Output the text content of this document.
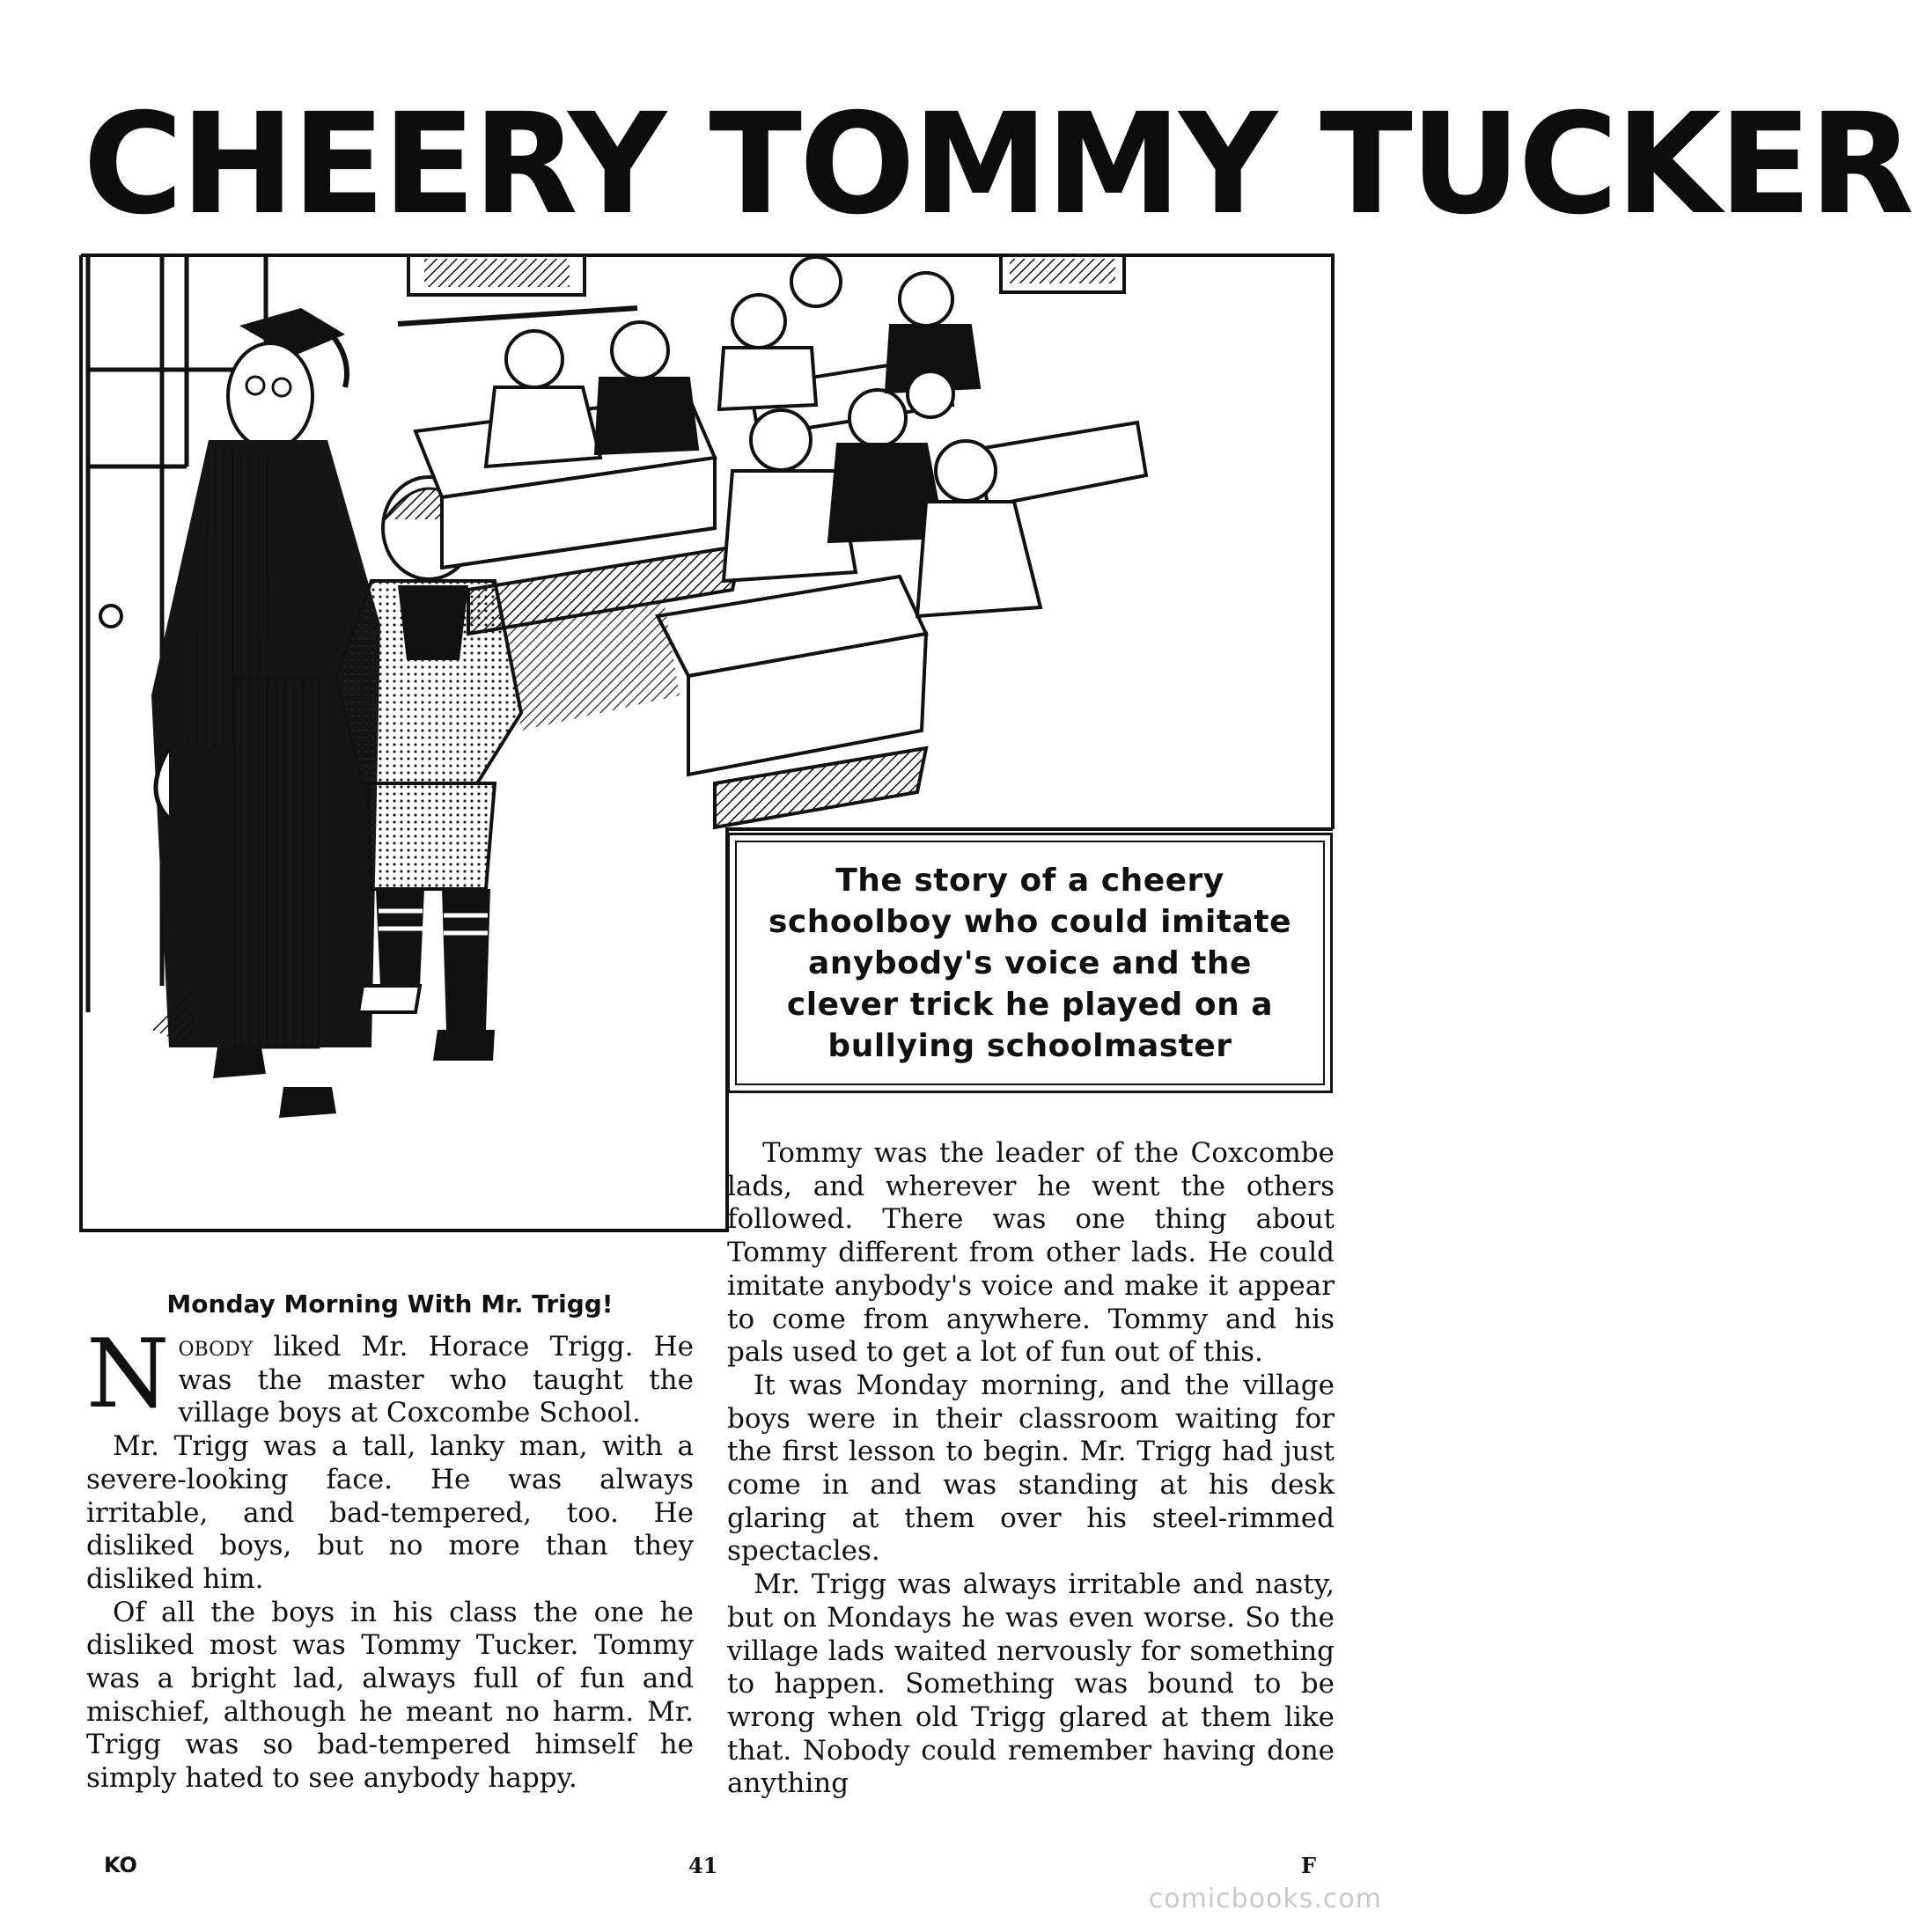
CHEERY TOMMY TUCKER

The story of a cheery schoolboy who could imitate anybody's voice and the clever trick he played on a bullying schoolmaster

Monday Morning With Mr. Trigg!

Nobody liked Mr. Horace Trigg. He was the master who taught the village boys at Coxcombe School.

Mr. Trigg was a tall, lanky man, with a severe-looking face. He was always irritable, and bad-tempered, too. He disliked boys, but no more than they disliked him.

Of all the boys in his class the one he disliked most was Tommy Tucker. Tommy was a bright lad, always full of fun and mischief, although he meant no harm. Mr. Trigg was so bad-tempered himself he simply hated to see anybody happy.

Tommy was the leader of the Coxcombe lads, and wherever he went the others followed. There was one thing about Tommy different from other lads. He could imitate anybody's voice and make it appear to come from anywhere. Tommy and his pals used to get a lot of fun out of this.

It was Monday morning, and the village boys were in their classroom waiting for the first lesson to begin. Mr. Trigg had just come in and was standing at his desk glaring at them over his steel-rimmed spectacles.

Mr. Trigg was always irritable and nasty, but on Mondays he was even worse. So the village lads waited nervously for something to happen. Something was bound to be wrong when old Trigg glared at them like that. Nobody could remember having done anything

KO	41	F
comicbooks.com
